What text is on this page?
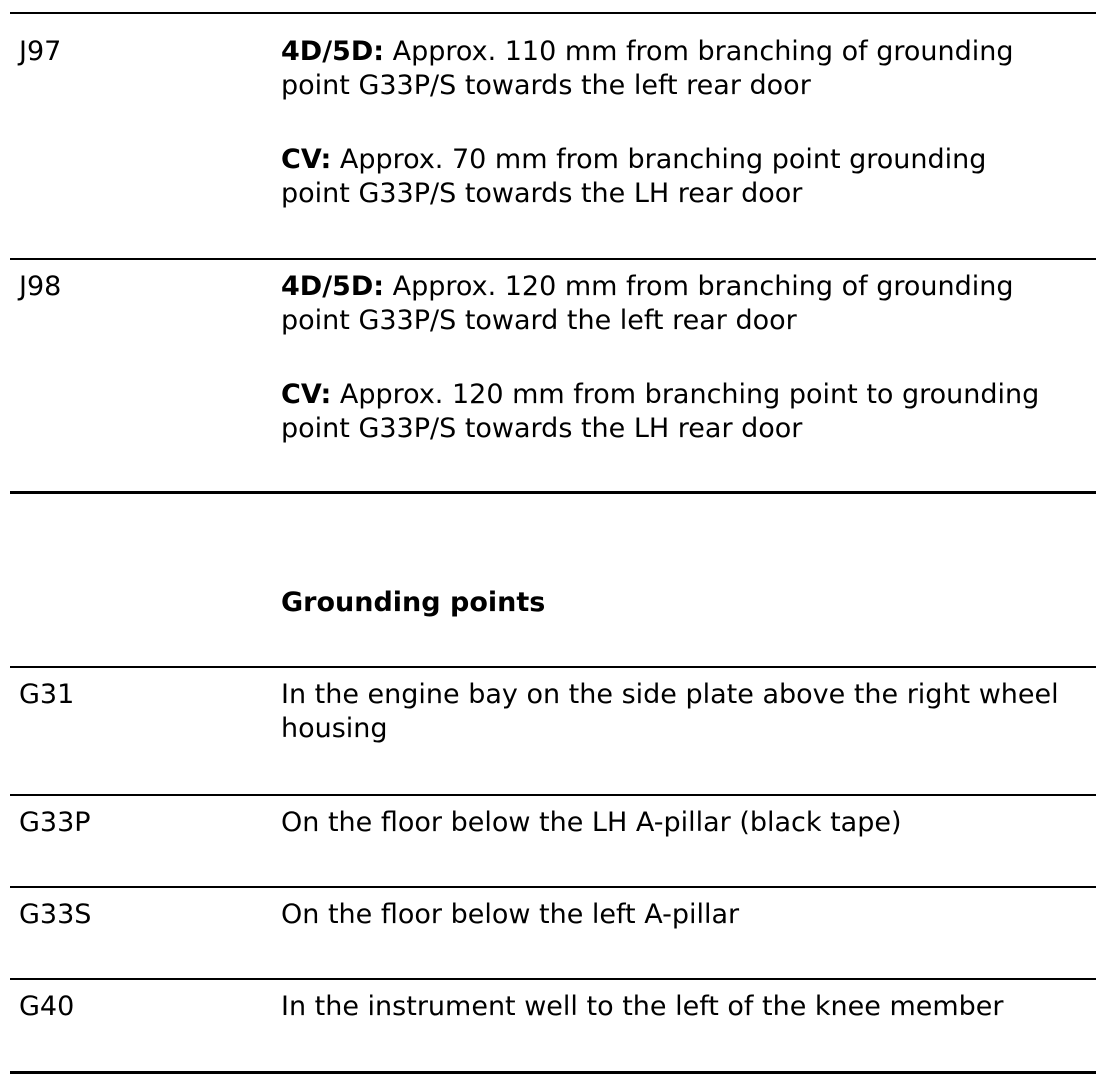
J97	4D/5D: Approx. 110 mm from branching of grounding
point G33P/S towards the left rear door

CV: Approx. 70 mm from branching point grounding
point G33P/S towards the LH rear door

J98	4D/5D: Approx. 120 mm from branching of grounding
point G33P/S toward the left rear door

CV: Approx. 120 mm from branching point to grounding
point G33P/S towards the LH rear door

Grounding points
G31	In the engine bay on the side plate above the right wheel
housing
G33P	On the floor below the LH A-pillar (black tape)
G33S	On the floor below the left A-pillar
G40	In the instrument well to the left of the knee member
